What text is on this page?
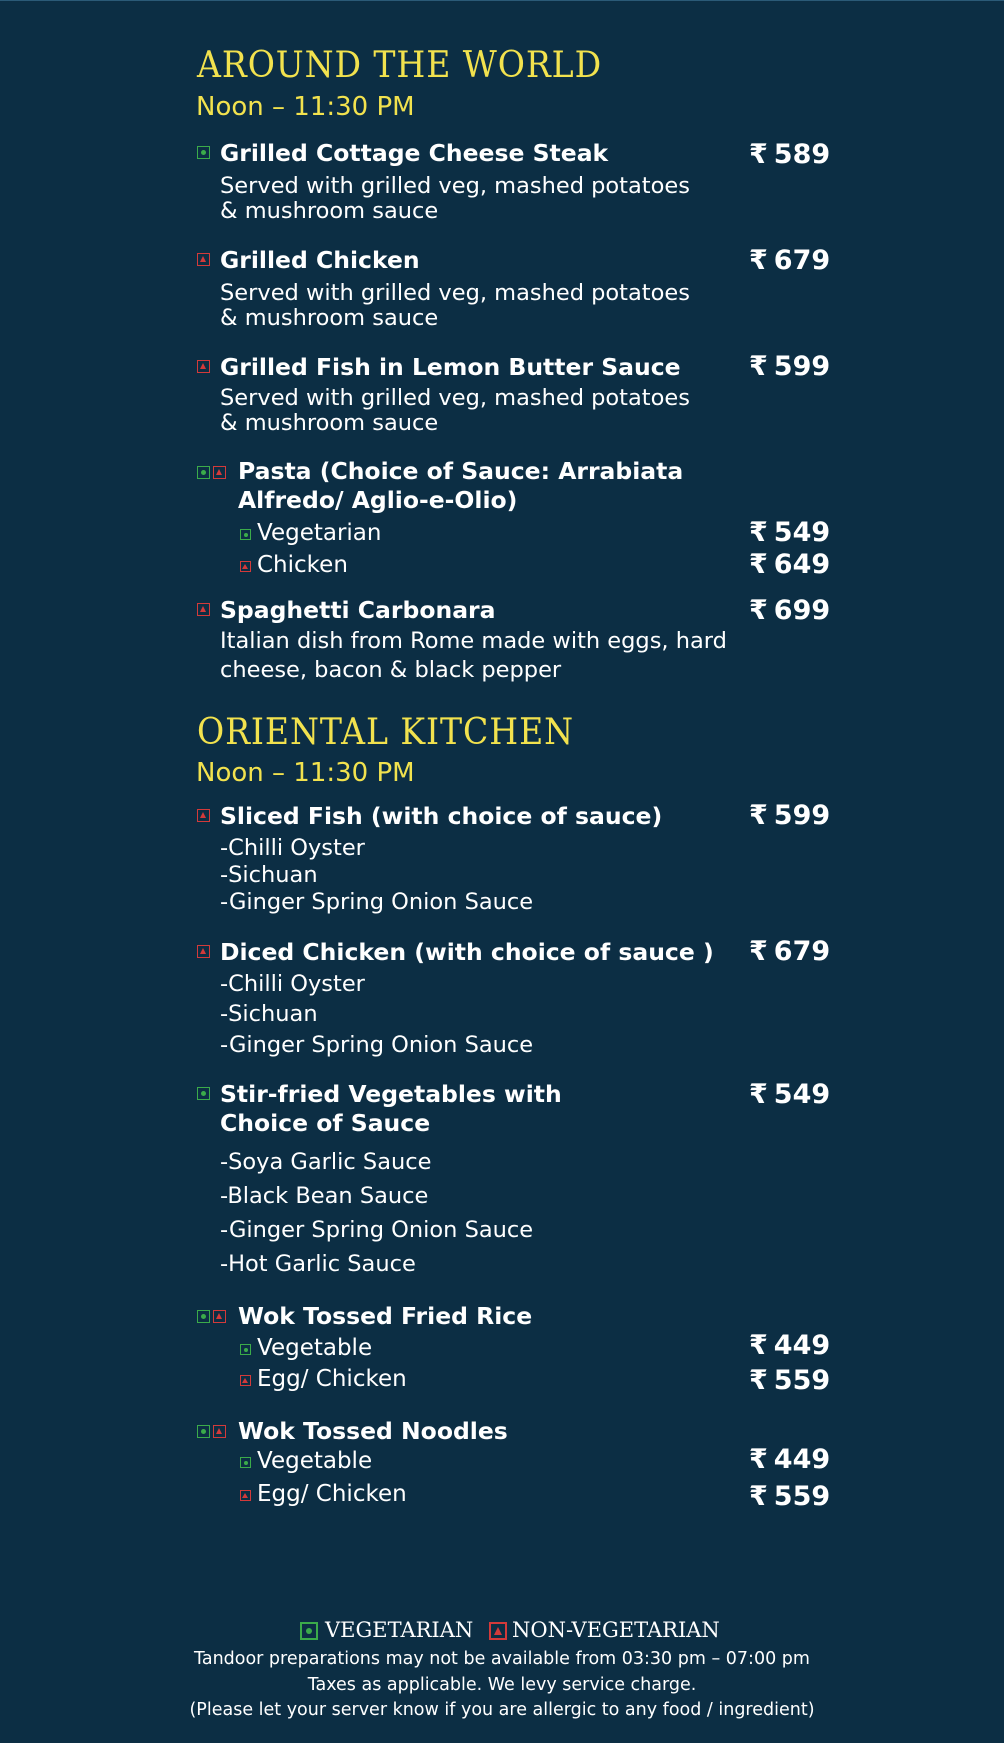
AROUND THE WORLD
Noon – 11:30 PM
Grilled Cottage Cheese Steak	₹ 589
Served with grilled veg, mashed potatoes
& mushroom sauce
Grilled Chicken	₹ 679
Served with grilled veg, mashed potatoes
& mushroom sauce
Grilled Fish in Lemon Butter Sauce	₹ 599
Served with grilled veg, mashed potatoes
& mushroom sauce
Pasta (Choice of Sauce: Arrabiata
Alfredo/ Aglio-e-Olio)
Vegetarian	₹ 549
Chicken	₹ 649
Spaghetti Carbonara	₹ 699
Italian dish from Rome made with eggs, hard
cheese, bacon & black pepper
ORIENTAL KITCHEN
Noon – 11:30 PM
Sliced Fish (with choice of sauce)	₹ 599
-Chilli Oyster
-Sichuan
-Ginger Spring Onion Sauce
Diced Chicken (with choice of sauce ) ₹ 679
-Chilli Oyster
-Sichuan
-Ginger Spring Onion Sauce
Stir-fried Vegetables with
Choice of Sauce
₹ 549
-Soya Garlic Sauce
-Black Bean Sauce
-Ginger Spring Onion Sauce
-Hot Garlic Sauce
Wok Tossed Fried Rice
Vegetable	₹ 449
Egg/ Chicken	₹ 559
Wok Tossed Noodles
Vegetable	₹ 449
Egg/ Chicken	₹ 559
VEGETARIAN NON-VEGETARIAN
Tandoor preparations may not be available from 03:30 pm – 07:00 pm
Taxes as applicable. We levy service charge.
(Please let your server know if you are allergic to any food / ingredient)
